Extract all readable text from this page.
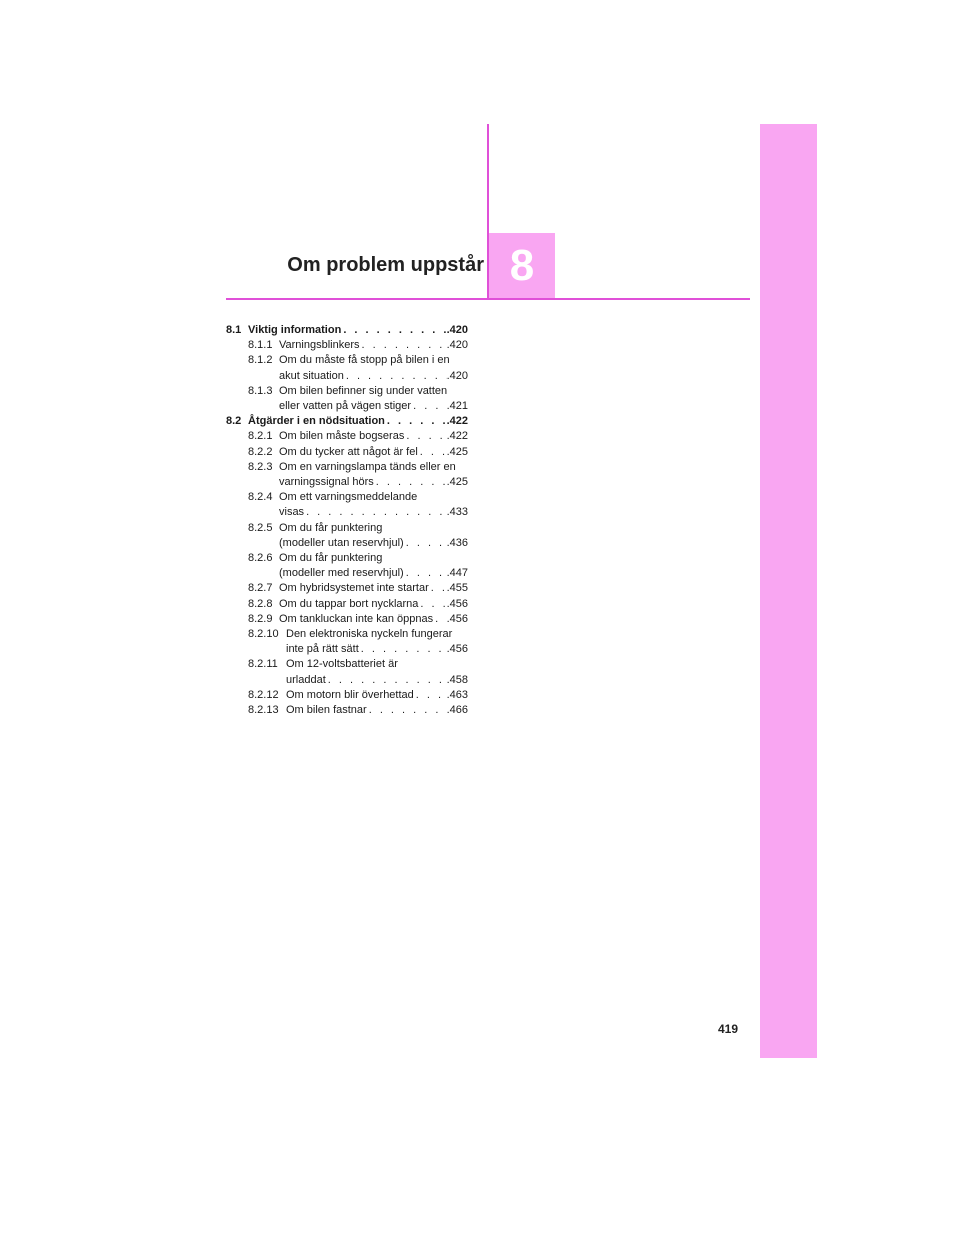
8
Om problem uppstår
8.1 Viktig information . . .	.420
8.1.1 Varningsblinkers . . .	.420
8.1.2 Om du måste få stopp på bilen i en
akut situation . . .	.420
8.1.3 Om bilen befinner sig under vatten
eller vatten på vägen stiger . . .	.421
8.2 Åtgärder i en nödsituation . . .	.422
8.2.1 Om bilen måste bogseras . . .	.422
8.2.2 Om du tycker att något är fel . . .	.425
8.2.3 Om en varningslampa tänds eller en
varningssignal hörs . . .	.425
8.2.4 Om ett varningsmeddelande
visas . . .	.433
8.2.5 Om du får punktering
(modeller utan reservhjul) . . .	.436
8.2.6 Om du får punktering
(modeller med reservhjul) . . .	.447
8.2.7 Om hybridsystemet inte startar . . . .455
8.2.8 Om du tappar bort nycklarna . . .	.456
8.2.9 Om tankluckan inte kan öppnas . . . .456
8.2.10 Den elektroniska nyckeln fungerar
inte på rätt sätt . . .	.456
8.2.11 Om 12-voltsbatteriet är
urladdat . . .	.458
8.2.12 Om motorn blir överhettad . . .	.463
8.2.13 Om bilen fastnar . . .	.466
419
